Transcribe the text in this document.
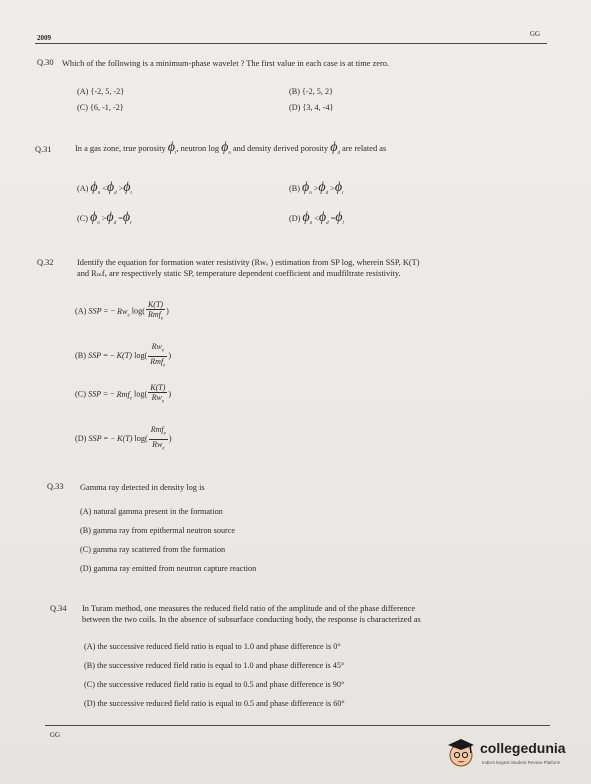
2009	GG
Q.30 Which of the following is a minimum-phase wavelet ? The first value in each case is at time zero.
(A) {-2, 5, -2}	(B) {-2, 5, 2}
(C) {6, -1, -2}	(D) {3, 4, -4}
Q.31	In a gas zone, true porosity $\phi_t$, neutron $\log \phi_n$ and density derived porosity $\phi_d$ are related as
(A) $\phi_n <\phi_d >\phi_t$
(B) $\phi_n >\phi_d >\phi_t$
(C) $\phi_n >\phi_d =\phi_t$
(D) $\phi_n <\phi_d =\phi_t$
Q.32	Identify the equation for formation water resistivity (Rwₑ ) estimation from SP log, wherein SSP, K(T)
and Rₘfₑ are respectively static SP, temperature dependent coefficient and mudfiltrate resistivity.
(A) SSP = − $Rw_e$ $\log( \frac{K(T)}{Rmf_e}$ )
(B) SSP = − K(T) $\log( \frac{Rw_e}{Rmf_e}$ )
(C) SSP = − Rmf$_e$ $\log( \frac{K(T)}{Rw_e}$ )
(D) SSP = − K(T) $\log( \frac{Rmf_e}{Rw_e}$ )
Q.33 Gamma ray detected in density log is
(A) natural gamma present in the formation
(B) gamma ray from epithermal neutron source
(C) gamma ray scattered from the formation
(D) gamma ray emitted from neutron capture reaction
Q.34 In Turam method, one measures the reduced field ratio of the amplitude and of the phase difference
between the two coils. In the absence of subsurface conducting body, the response is characterized as
(A) the successive reduced field ratio is equal to 1.0 and phase difference is 0°
(B) the successive reduced field ratio is equal to 1.0 and phase difference is 45°
(C) the successive reduced field ratio is equal to 0.5 and phase difference is 90°
(D) the successive reduced field ratio is equal to 0.5 and phase difference is 60°
GG
collegedunia
India's largest Student Review Platform
